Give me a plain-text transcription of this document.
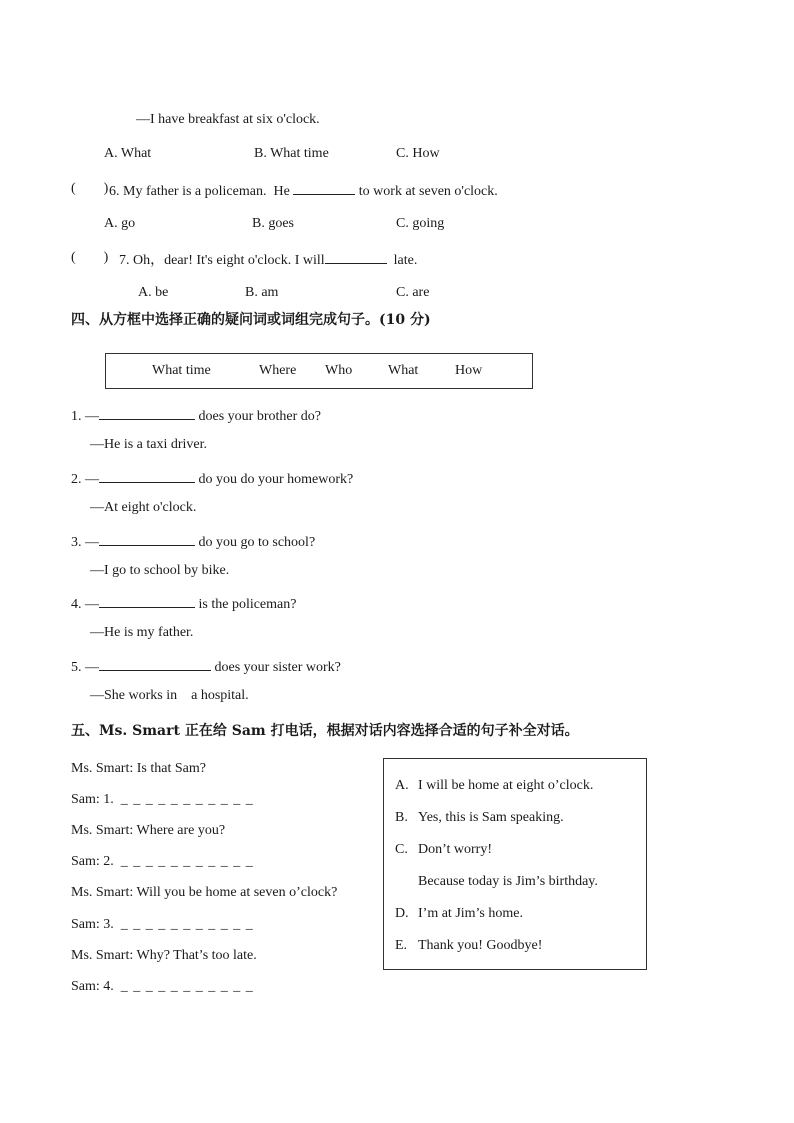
—I have breakfast at six o'clock.
A. What	B. What time	C. How
(        ) 6. My father is a policeman.  He	to work at seven o'clock.
A. go	B. goes	C. going
(        ) 7. Oh，dear! It's eight o'clock. I will	late.
A. be	B. am	C. are
四、从方框中选择正确的疑问词或词组完成句子。(10 分)
What time	Where Who	What	How
1. —	does your brother do?
—He is a taxi driver.
2. —	do you do your homework?
—At eight o'clock.
3. —	do you go to school?
—I go to school by bike.
4. —	is the policeman?
—He is my father.
5. —	does your sister work?
—She works in    a hospital.
五、Ms. Smart 正在给 Sam 打电话，根据对话内容选择合适的句子补全对话。
Ms. Smart: Is that Sam?
Sam: 1. _ _ _ _ _ _ _ _ _ _ _
Ms. Smart: Where are you?
Sam: 2. _ _ _ _ _ _ _ _ _ _ _
Ms. Smart: Will you be home at seven o’clock?
Sam: 3. _ _ _ _ _ _ _ _ _ _ _
Ms. Smart: Why? That’s too late.
Sam: 4. _ _ _ _ _ _ _ _ _ _ _
A. I will be home at eight o’clock.
B. Yes, this is Sam speaking.
C. Don’t worry!
Because today is Jim’s birthday.
D. I’m at Jim’s home.
E. Thank you! Goodbye!
